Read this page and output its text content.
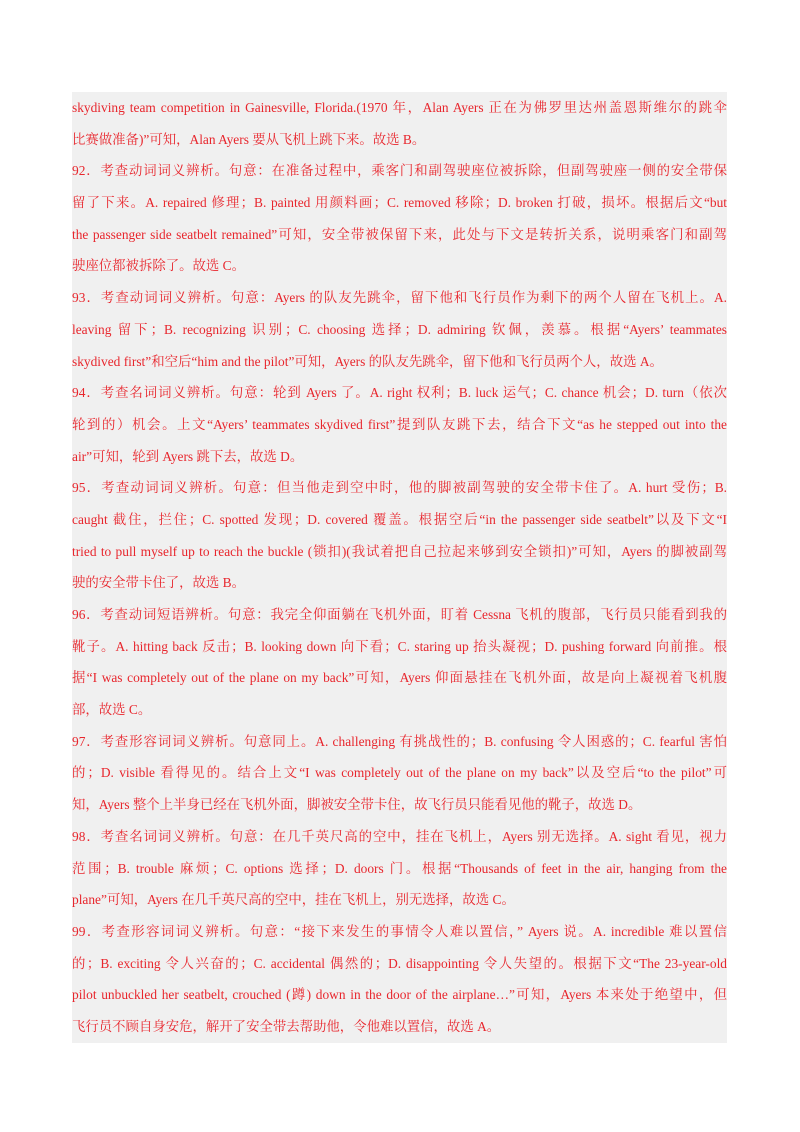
skydiving team competition in Gainesville, Florida.(1970 年，Alan Ayers 正在为佛罗里达州盖恩斯维尔的跳伞
比赛做准备)”可知，Alan Ayers 要从飞机上跳下来。故选 B。
92．考查动词词义辨析。句意：在准备过程中，乘客门和副驾驶座位被拆除，但副驾驶座一侧的安全带保
留了下来。A. repaired 修理；B. painted 用颜料画；C. removed 移除；D. broken 打破，损坏。根据后文“but
the passenger side seatbelt remained”可知，安全带被保留下来，此处与下文是转折关系，说明乘客门和副驾
驶座位都被拆除了。故选 C。
93．考查动词词义辨析。句意：Ayers 的队友先跳伞，留下他和飞行员作为剩下的两个人留在飞机上。A.
leaving 留下；B. recognizing 识别；C. choosing 选择；D. admiring 钦佩，羡慕。根据“Ayers’ teammates
skydived first”和空后“him and the pilot”可知，Ayers 的队友先跳伞，留下他和飞行员两个人，故选 A。
94．考查名词词义辨析。句意：轮到 Ayers 了。A. right 权利；B. luck 运气；C. chance 机会；D. turn（依次
轮到的）机会。上文“Ayers’ teammates skydived first”提到队友跳下去，结合下文“as he stepped out into the
air”可知，轮到 Ayers 跳下去，故选 D。
95．考查动词词义辨析。句意：但当他走到空中时，他的脚被副驾驶的安全带卡住了。A. hurt 受伤；B.
caught 截住，拦住；C. spotted 发现；D. covered 覆盖。根据空后“in the passenger side seatbelt”以及下文“I
tried to pull myself up to reach the buckle (锁扣)(我试着把自己拉起来够到安全锁扣)”可知，Ayers 的脚被副驾
驶的安全带卡住了，故选 B。
96．考查动词短语辨析。句意：我完全仰面躺在飞机外面，盯着 Cessna 飞机的腹部，飞行员只能看到我的
靴子。A. hitting back 反击；B. looking down 向下看；C. staring up 抬头凝视；D. pushing forward 向前推。根
据“I was completely out of the plane on my back”可知，Ayers 仰面悬挂在飞机外面，故是向上凝视着飞机腹
部，故选 C。
97．考查形容词词义辨析。句意同上。A. challenging 有挑战性的；B. confusing 令人困惑的；C. fearful 害怕
的；D. visible 看得见的。结合上文“I was completely out of the plane on my back”以及空后“to the pilot”可
知，Ayers 整个上半身已经在飞机外面，脚被安全带卡住，故飞行员只能看见他的靴子，故选 D。
98．考查名词词义辨析。句意：在几千英尺高的空中，挂在飞机上，Ayers 别无选择。A. sight 看见，视力
范围；B. trouble 麻烦；C. options 选择；D. doors 门。根据“Thousands of feet in the air, hanging from the
plane”可知，Ayers 在几千英尺高的空中，挂在飞机上，别无选择，故选 C。
99．考查形容词词义辨析。句意：“接下来发生的事情令人难以置信，” Ayers 说。A. incredible 难以置信
的；B. exciting 令人兴奋的；C. accidental 偶然的；D. disappointing 令人失望的。根据下文“The 23-year-old
pilot unbuckled her seatbelt, crouched (蹲) down in the door of the airplane…”可知，Ayers 本来处于绝望中，但
飞行员不顾自身安危，解开了安全带去帮助他，令他难以置信，故选 A。
